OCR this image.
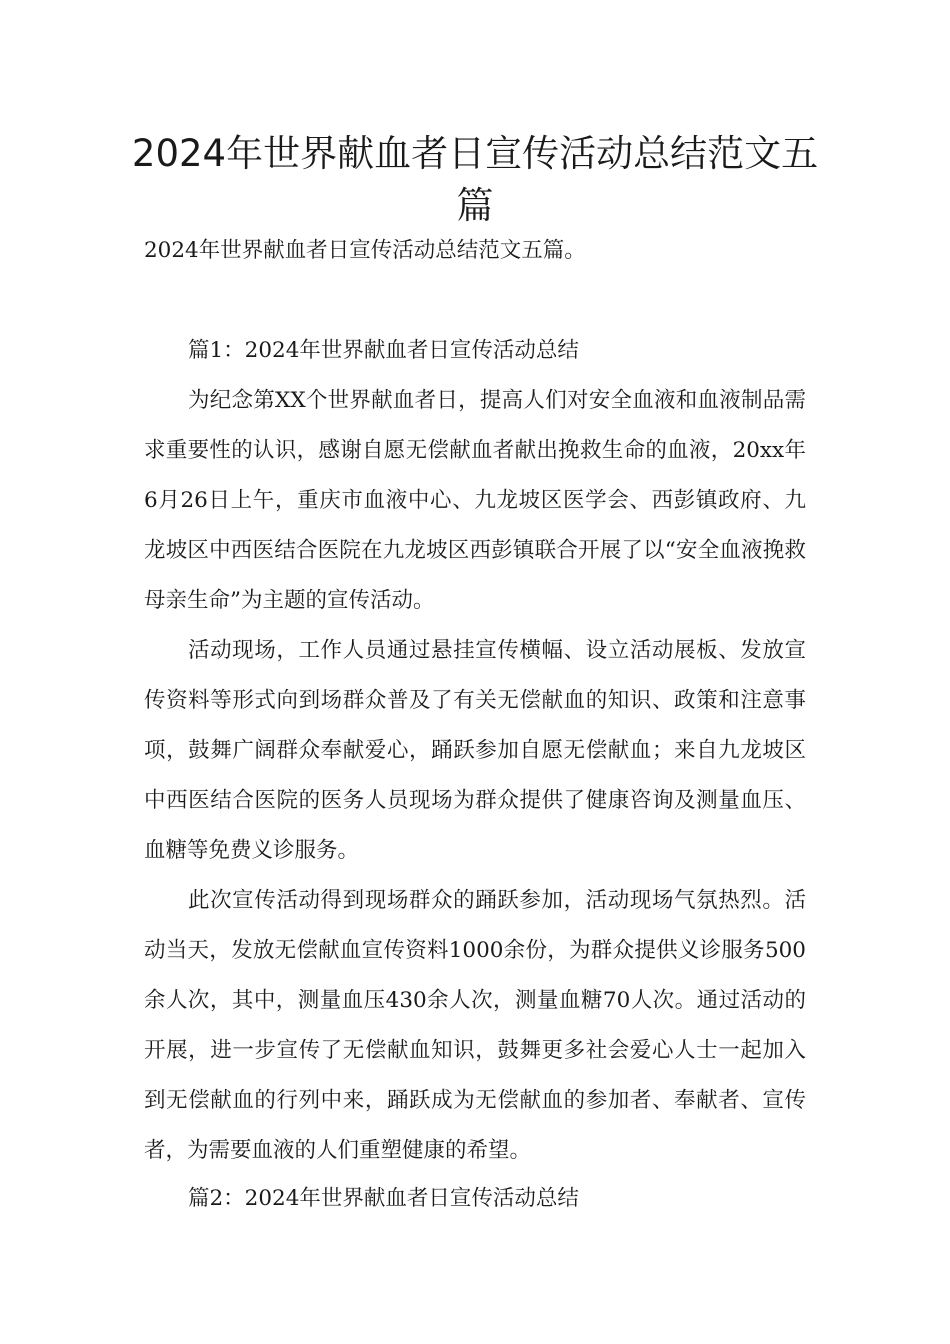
2024年世界献血者日宣传活动总结范文五篇

2024年世界献血者日宣传活动总结范文五篇。

篇1：2024年世界献血者日宣传活动总结

为纪念第XX个世界献血者日，提高人们对安全血液和血液制品需求重要性的认识，感谢自愿无偿献血者献出挽救生命的血液，20xx年6月26日上午，重庆市血液中心、九龙坡区医学会、西彭镇政府、九龙坡区中西医结合医院在九龙坡区西彭镇联合开展了以“安全血液挽救母亲生命”为主题的宣传活动。

活动现场，工作人员通过悬挂宣传横幅、设立活动展板、发放宣传资料等形式向到场群众普及了有关无偿献血的知识、政策和注意事项，鼓舞广阔群众奉献爱心，踊跃参加自愿无偿献血；来自九龙坡区中西医结合医院的医务人员现场为群众提供了健康咨询及测量血压、血糖等免费义诊服务。

此次宣传活动得到现场群众的踊跃参加，活动现场气氛热烈。活动当天，发放无偿献血宣传资料1000余份，为群众提供义诊服务500余人次，其中，测量血压430余人次，测量血糖70人次。通过活动的开展，进一步宣传了无偿献血知识，鼓舞更多社会爱心人士一起加入到无偿献血的行列中来，踊跃成为无偿献血的参加者、奉献者、宣传者，为需要血液的人们重塑健康的希望。

篇2：2024年世界献血者日宣传活动总结
